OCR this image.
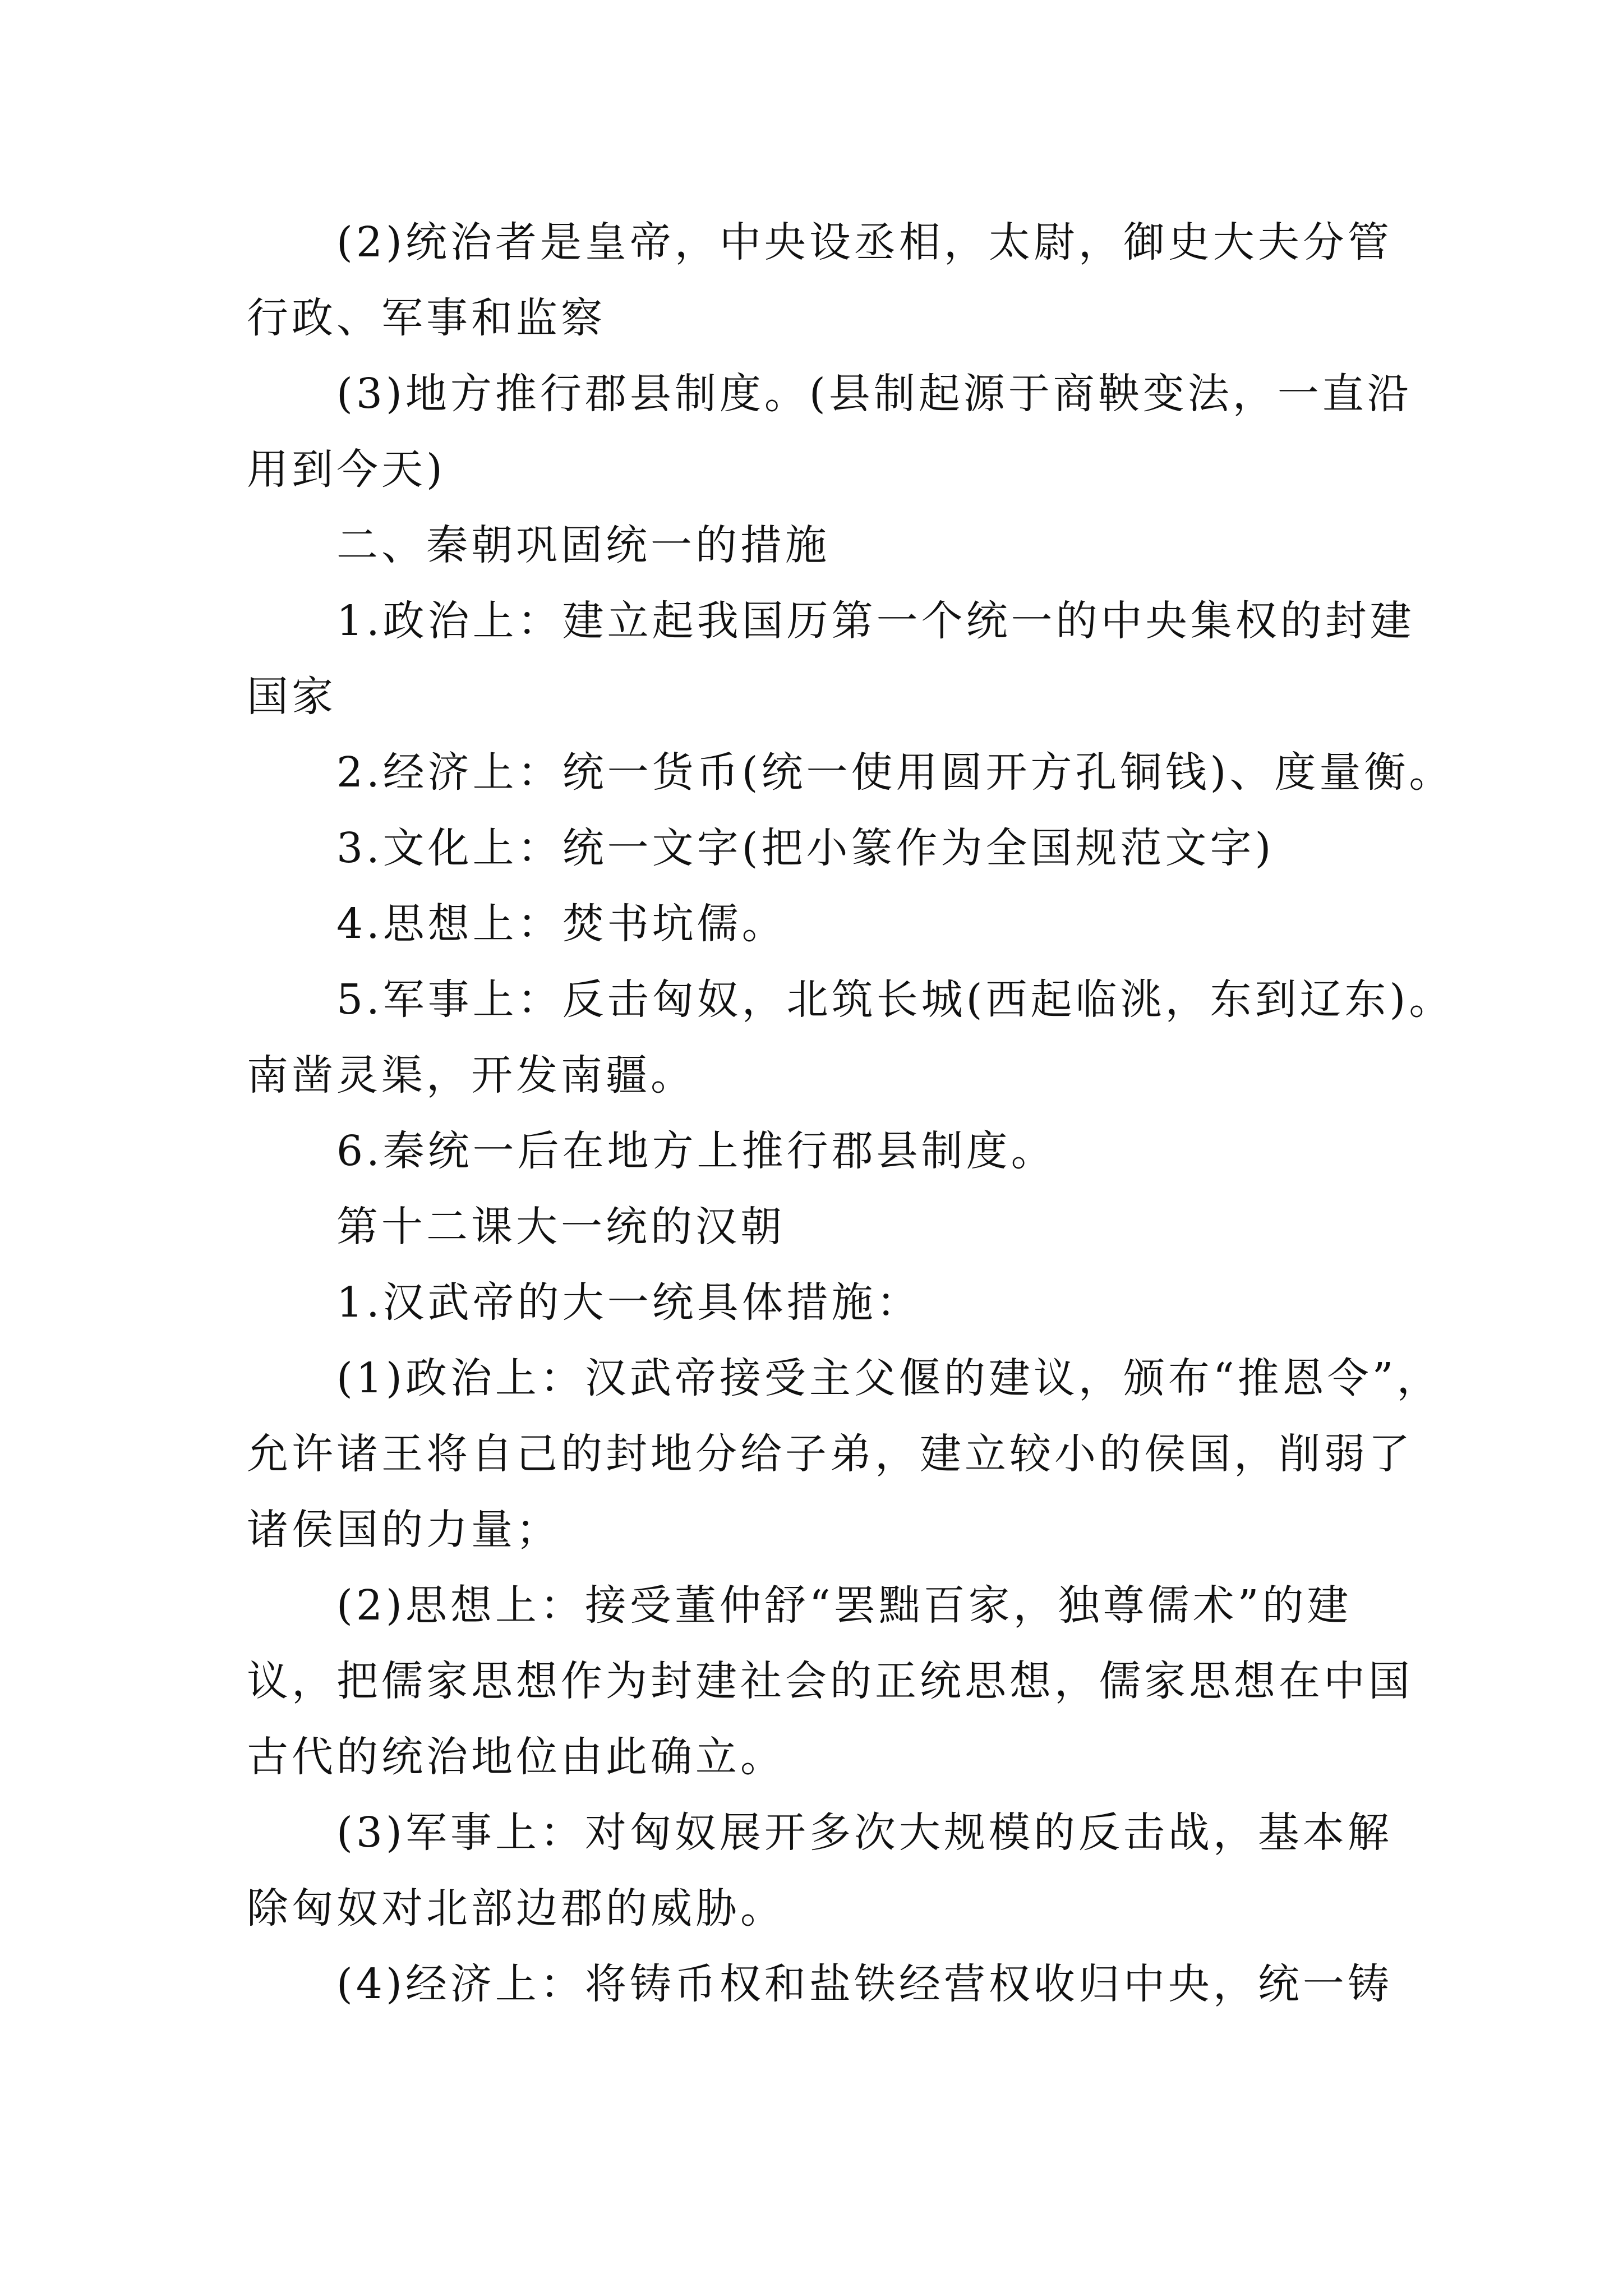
(2)统治者是皇帝，中央设丞相，太尉，御史大夫分管
行政、军事和监察
(3)地方推行郡县制度。(县制起源于商鞅变法，一直沿
用到今天)
二、秦朝巩固统一的措施
1.政治上：建立起我国历第一个统一的中央集权的封建
国家
2.经济上：统一货币(统一使用圆开方孔铜钱)、度量衡。
3.文化上：统一文字(把小篆作为全国规范文字)
4.思想上：焚书坑儒。
5.军事上：反击匈奴，北筑长城(西起临洮，东到辽东)。
南凿灵渠，开发南疆。
6.秦统一后在地方上推行郡县制度。
第十二课大一统的汉朝
1.汉武帝的大一统具体措施：
(1)政治上：汉武帝接受主父偃的建议，颁布“推恩令”，
允许诸王将自己的封地分给子弟，建立较小的侯国，削弱了
诸侯国的力量；
(2)思想上：接受董仲舒“罢黜百家，独尊儒术”的建
议，把儒家思想作为封建社会的正统思想，儒家思想在中国
古代的统治地位由此确立。
(3)军事上：对匈奴展开多次大规模的反击战，基本解
除匈奴对北部边郡的威胁。
(4)经济上：将铸币权和盐铁经营权收归中央，统一铸
